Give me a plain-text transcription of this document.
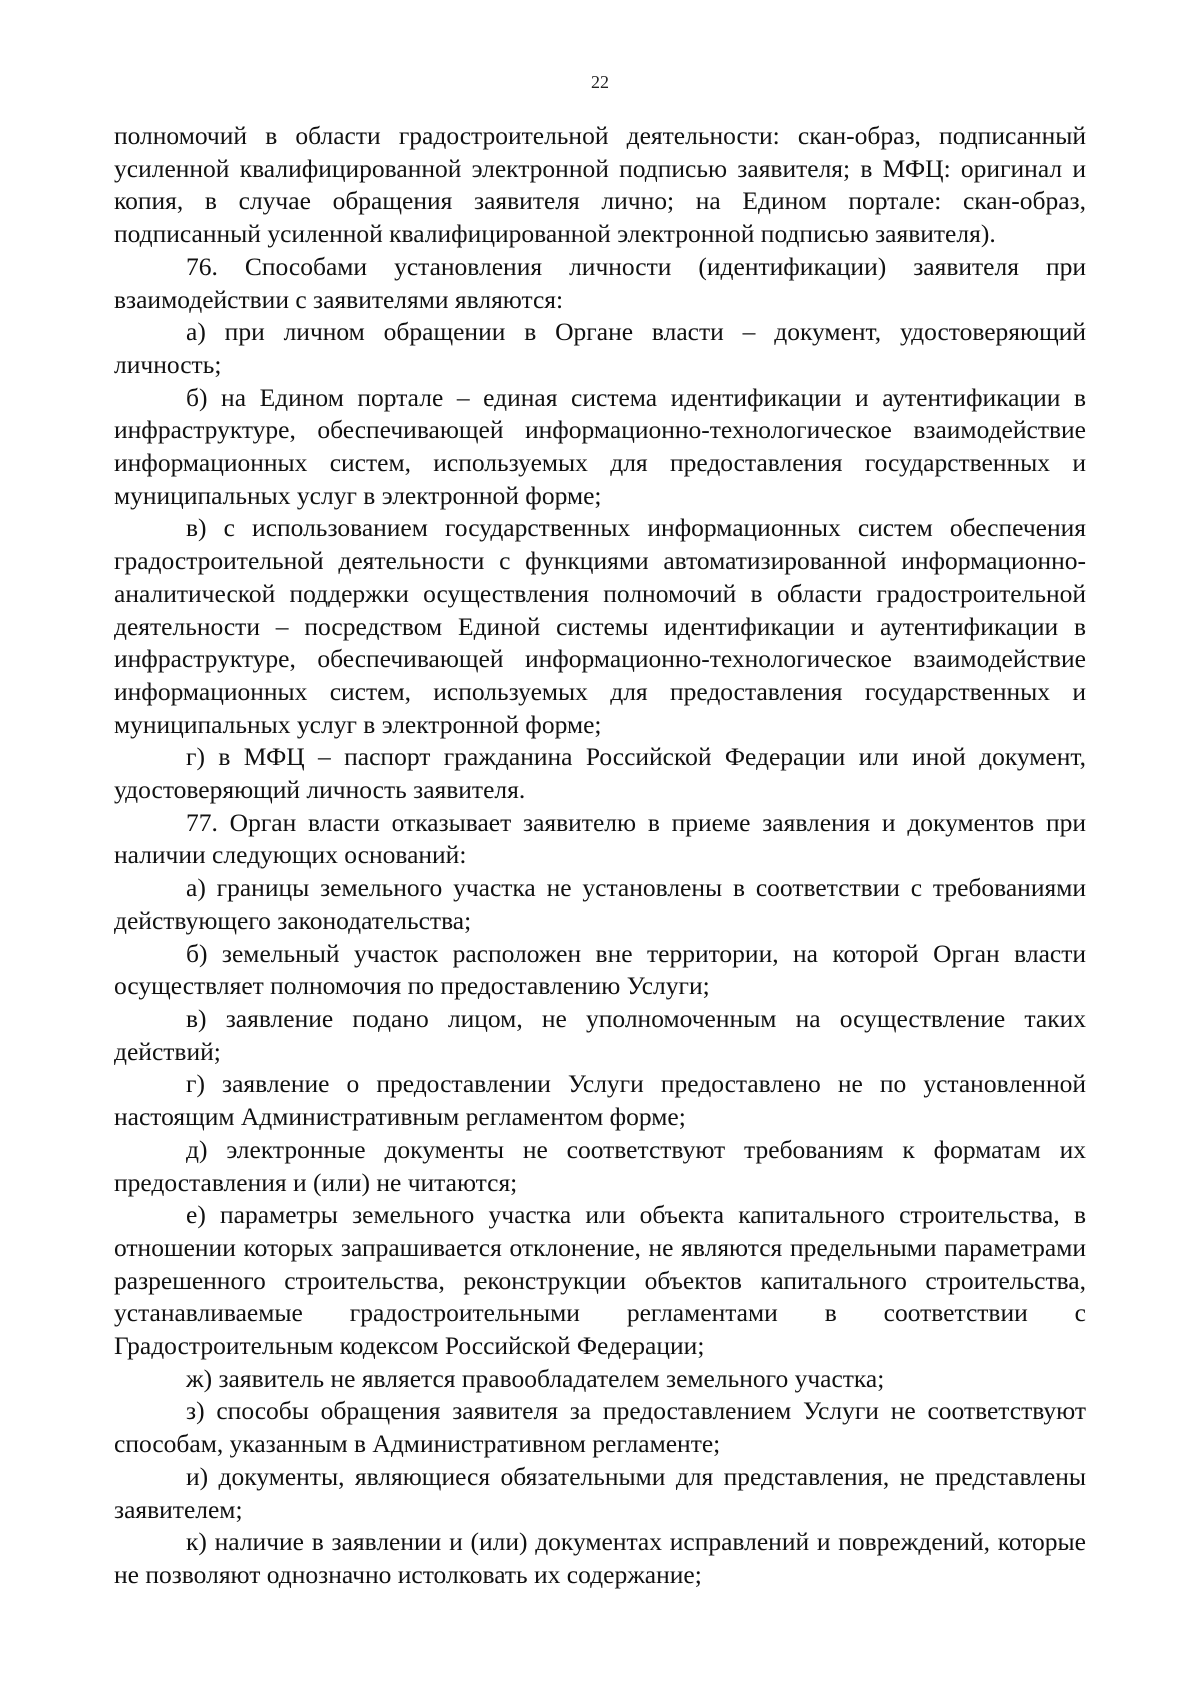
22

полномочий в области градостроительной деятельности: скан-образ, подписанный усиленной квалифицированной электронной подписью заявителя; в МФЦ: оригинал и копия, в случае обращения заявителя лично; на Едином портале: скан-образ, подписанный усиленной квалифицированной электронной подписью заявителя).

76. Способами установления личности (идентификации) заявителя при взаимодействии с заявителями являются:

а) при личном обращении в Органе власти – документ, удостоверяющий личность;

б) на Едином портале – единая система идентификации и аутентификации в инфраструктуре, обеспечивающей информационно-технологическое взаимодействие информационных систем, используемых для предоставления государственных и муниципальных услуг в электронной форме;

в) с использованием государственных информационных систем обеспечения градостроительной деятельности с функциями автоматизированной информационно-аналитической поддержки осуществления полномочий в области градостроительной деятельности – посредством Единой системы идентификации и аутентификации в инфраструктуре, обеспечивающей информационно-технологическое взаимодействие информационных систем, используемых для предоставления государственных и муниципальных услуг в электронной форме;

г) в МФЦ – паспорт гражданина Российской Федерации или иной документ, удостоверяющий личность заявителя.

77. Орган власти отказывает заявителю в приеме заявления и документов при наличии следующих оснований:

а) границы земельного участка не установлены в соответствии с требованиями действующего законодательства;

б) земельный участок расположен вне территории, на которой Орган власти осуществляет полномочия по предоставлению Услуги;

в) заявление подано лицом, не уполномоченным на осуществление таких действий;

г) заявление о предоставлении Услуги предоставлено не по установленной настоящим Административным регламентом форме;

д) электронные документы не соответствуют требованиям к форматам их предоставления и (или) не читаются;

е) параметры земельного участка или объекта капитального строительства, в отношении которых запрашивается отклонение, не являются предельными параметрами разрешенного строительства, реконструкции объектов капитального строительства, устанавливаемые градостроительными регламентами в соответствии с Градостроительным кодексом Российской Федерации;

ж) заявитель не является правообладателем земельного участка;

з) способы обращения заявителя за предоставлением Услуги не соответствуют способам, указанным в Административном регламенте;

и) документы, являющиеся обязательными для представления, не представлены заявителем;

к) наличие в заявлении и (или) документах исправлений и повреждений, которые не позволяют однозначно истолковать их содержание;
